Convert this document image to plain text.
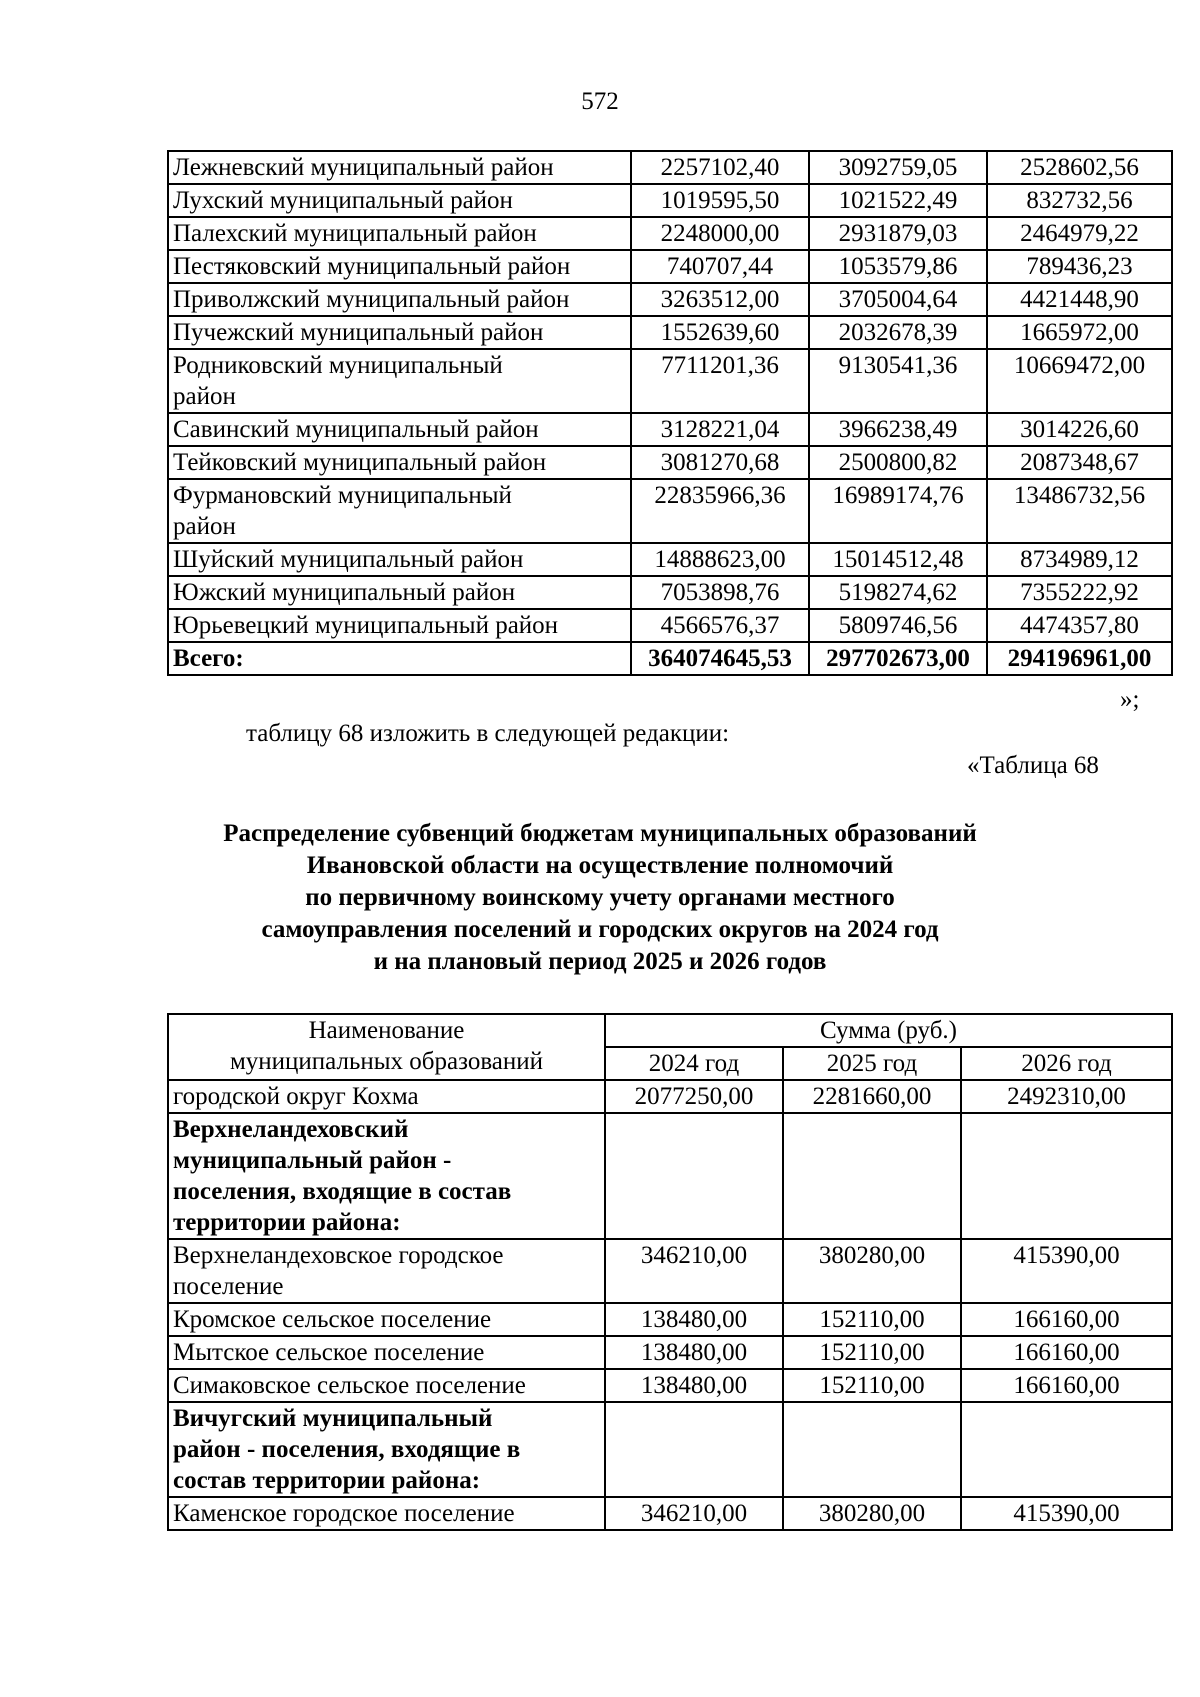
572
Лежневский муниципальный район	2257102,40	3092759,05	2528602,56
Лухский муниципальный район	1019595,50	1021522,49	832732,56
Палехский муниципальный район	2248000,00	2931879,03	2464979,22
Пестяковский муниципальный район	740707,44	1053579,86	789436,23
Приволжский муниципальный район	3263512,00	3705004,64	4421448,90
Пучежский муниципальный район	1552639,60	2032678,39	1665972,00

Родниковский муниципальный
район	7711201,36	9130541,36	10669472,00
Савинский муниципальный район	3128221,04	3966238,49	3014226,60
Тейковский муниципальный район	3081270,68	2500800,82	2087348,67

Фурмановский муниципальный
район	22835966,36	16989174,76	13486732,56
Шуйский муниципальный район	14888623,00	15014512,48	8734989,12
Южский муниципальный район	7053898,76	5198274,62	7355222,92
Юрьевецкий муниципальный район	4566576,37	5809746,56	4474357,80
Всего:	364074645,53	297702673,00	294196961,00
»;
таблицу 68 изложить в следующей редакции:
«Таблица 68
Распределение субвенций бюджетам муниципальных образований
Ивановской области на осуществление полномочий
по первичному воинскому учету органами местного
самоуправления поселений и городских округов на 2024 год
и на плановый период 2025 и 2026 годов
Наименование
муниципальных образований	Сумма (руб.)		
	2024 год	2025 год	2026 год
городской округ Кохма	2077250,00	2281660,00	2492310,00

Верхнеландеховский
муниципальный район -
поселения, входящие в состав
территории района:			

Верхнеландеховское городское
поселение	346210,00	380280,00	415390,00
Кромское сельское поселение	138480,00	152110,00	166160,00
Мытское сельское поселение	138480,00	152110,00	166160,00
Симаковское сельское поселение	138480,00	152110,00	166160,00

Вичугский муниципальный
район - поселения, входящие в
состав территории района:			

Каменское городское поселение	346210,00	380280,00	415390,00
